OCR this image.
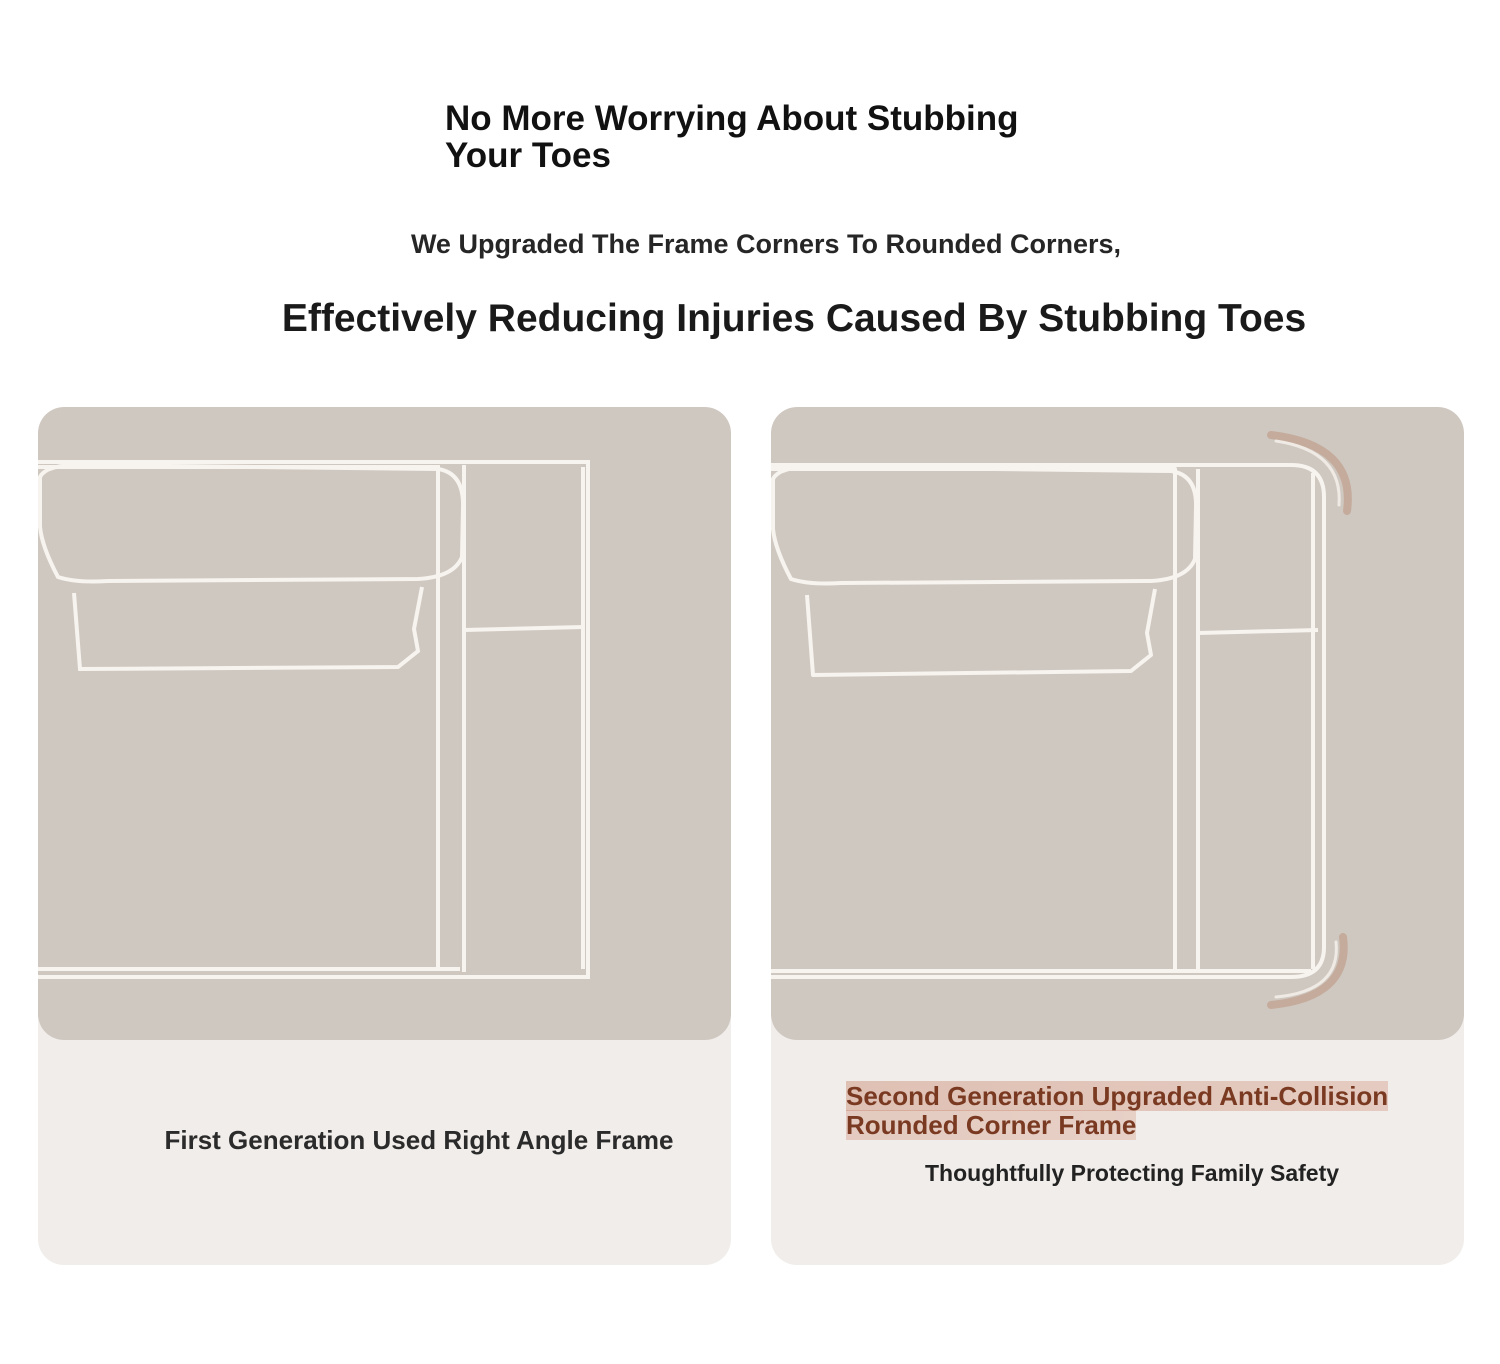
No More Worrying About Stubbing Your Toes

We Upgraded The Frame Corners To Rounded Corners,

Effectively Reducing Injuries Caused By Stubbing Toes

First Generation Used Right Angle Frame

Second Generation Upgraded Anti-Collision Rounded Corner Frame

Thoughtfully Protecting Family Safety
